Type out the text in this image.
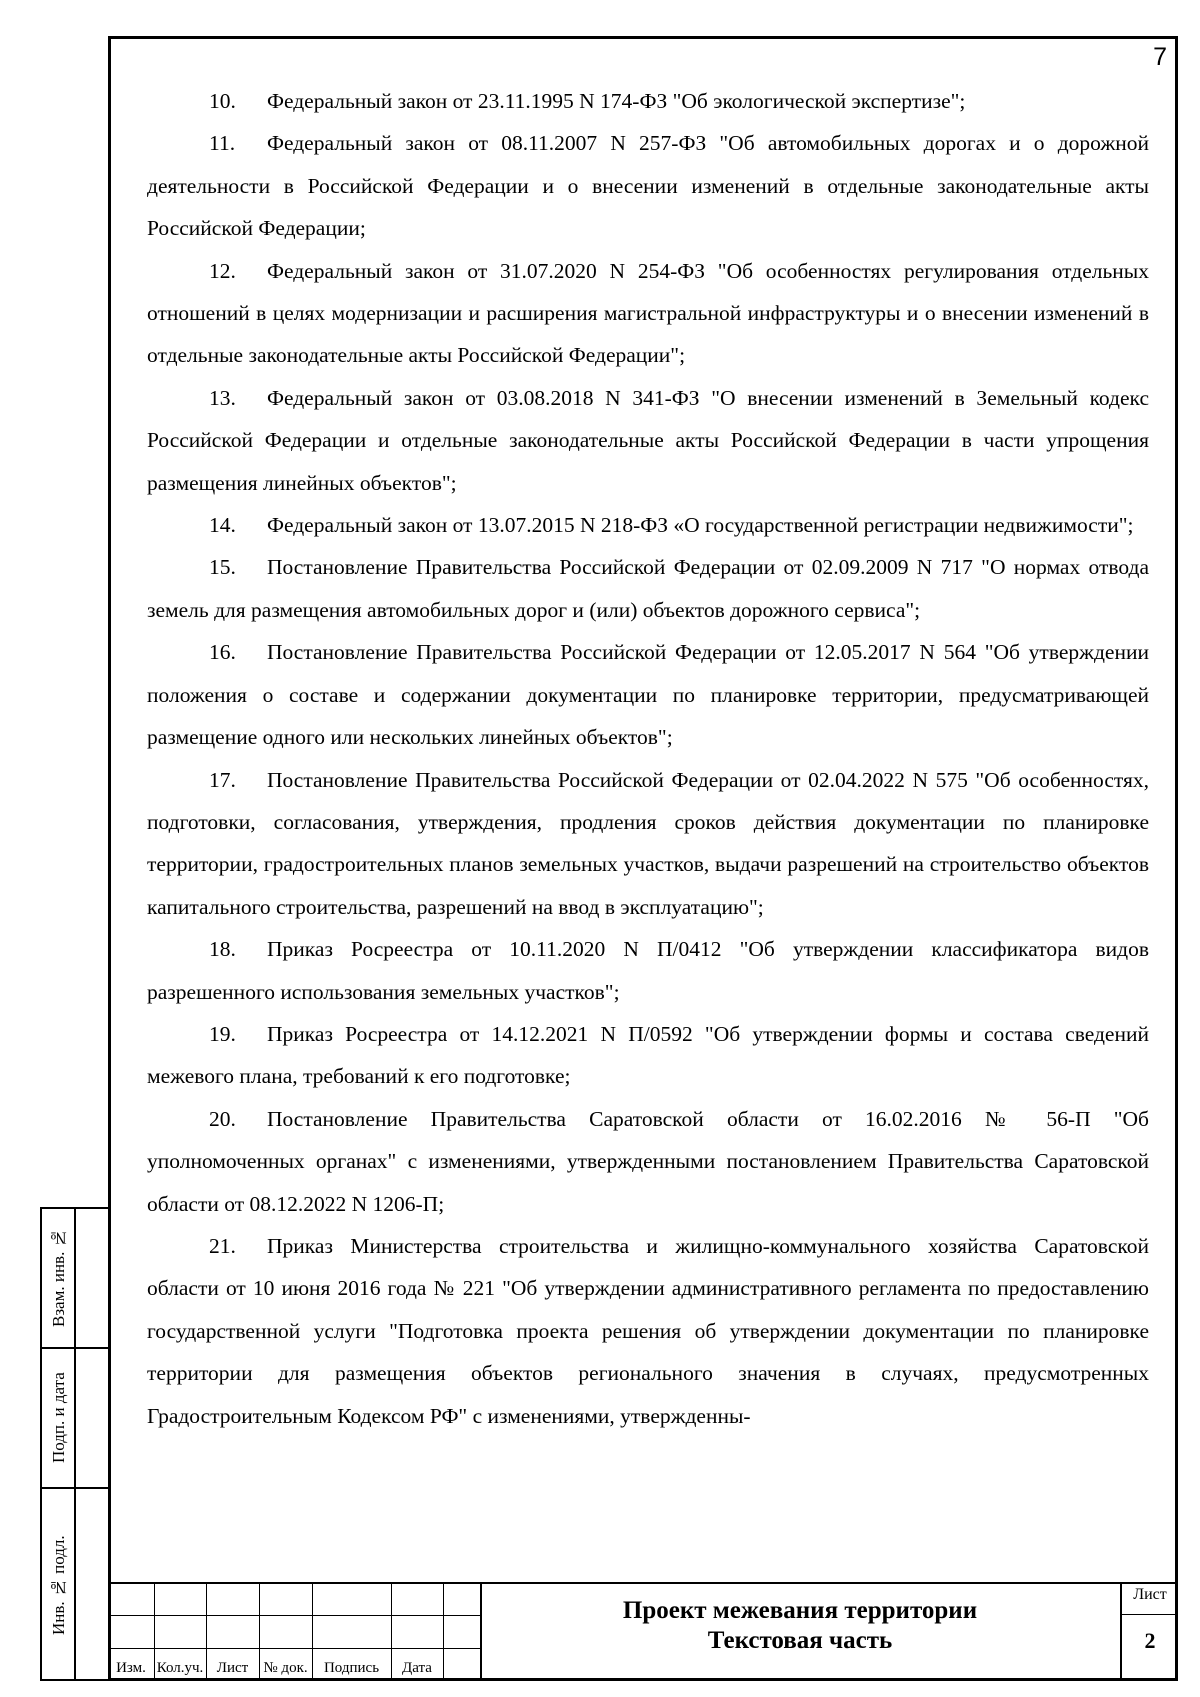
7

10. Федеральный закон от 23.11.1995 N 174-ФЗ "Об экологической экспертизе";

11. Федеральный закон от 08.11.2007 N 257-ФЗ "Об автомобильных дорогах и о дорожной деятельности в Российской Федерации и о внесении изменений в отдельные законодательные акты Российской Федерации;

12. Федеральный закон от 31.07.2020 N 254-ФЗ "Об особенностях регулирования отдельных отношений в целях модернизации и расширения магистральной инфраструктуры и о внесении изменений в отдельные законодательные акты Российской Федерации";

13. Федеральный закон от 03.08.2018 N 341-ФЗ "О внесении изменений в Земельный кодекс Российской Федерации и отдельные законодательные акты Российской Федерации в части упрощения размещения линейных объектов";

14. Федеральный закон от 13.07.2015 N 218-ФЗ «О государственной регистрации недвижимости";

15. Постановление Правительства Российской Федерации от 02.09.2009 N 717 "О нормах отвода земель для размещения автомобильных дорог и (или) объектов дорожного сервиса";

16. Постановление Правительства Российской Федерации от 12.05.2017 N 564 "Об утверждении положения о составе и содержании документации по планировке территории, предусматривающей размещение одного или нескольких линейных объектов";

17. Постановление Правительства Российской Федерации от 02.04.2022 N 575 "Об особенностях, подготовки, согласования, утверждения, продления сроков действия документации по планировке территории, градостроительных планов земельных участков, выдачи разрешений на строительство объектов капитального строительства, разрешений на ввод в эксплуатацию";

18. Приказ Росреестра от 10.11.2020 N П/0412 "Об утверждении классификатора видов разрешенного использования земельных участков";

19. Приказ Росреестра от 14.12.2021 N П/0592 "Об утверждении формы и состава сведений межевого плана, требований к его подготовке;

20. Постановление Правительства Саратовской области от 16.02.2016 № 56-П "Об уполномоченных органах" с изменениями, утвержденными постановлением Правительства Саратовской области от 08.12.2022 N 1206-П;

21. Приказ Министерства строительства и жилищно-коммунального хозяйства Саратовской области от 10 июня 2016 года № 221 "Об утверждении административного регламента по предоставлению государственной услуги "Подготовка проекта решения об утверждении документации по планировке территории для размещения объектов регионального значения в случаях, предусмотренных Градостроительным Кодексом РФ" с изменениями, утвержденны-

Взам. инв. №
Подп. и дата
Инв. № подл.
Изм. Кол.уч. Лист	№ док.	Подпись	Дата
Проект межевания территории
Текстовая часть
Лист
2
